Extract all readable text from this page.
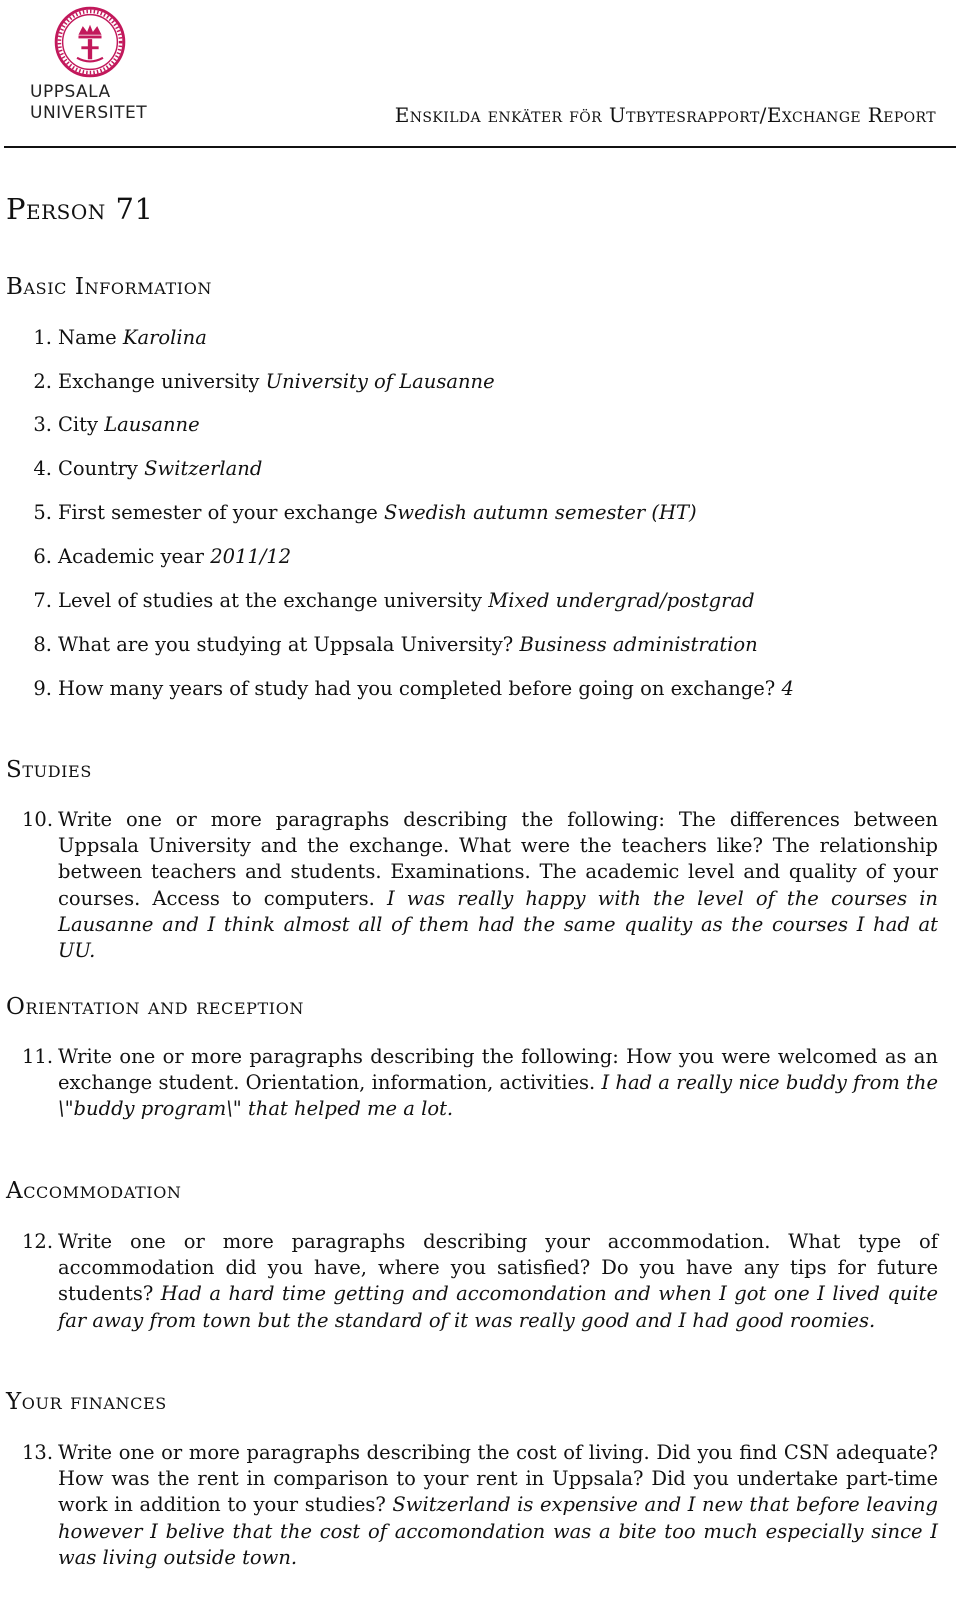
UPPSALA
UNIVERSITET	Enskilda enkäter för Utbytesrapport/Exchange Report
Person 71
Basic Information
1. Name Karolina
2. Exchange university University of Lausanne
3. City Lausanne
4. Country Switzerland
5. First semester of your exchange Swedish autumn semester (HT)
6. Academic year 2011/12
7. Level of studies at the exchange university Mixed undergrad/postgrad
8. What are you studying at Uppsala University? Business administration
9. How many years of study had you completed before going on exchange? 4
Studies
10. Write one or more paragraphs describing the following: The differences between Uppsala University and the exchange. What were the teachers like? The relationship between teachers and students. Examinations. The academic level and quality of your courses. Access to computers. I was really happy with the level of the courses in Lausanne and I think almost all of them had the same quality as the courses I had at UU.
Orientation and reception
11. Write one or more paragraphs describing the following: How you were welcomed as an exchange student. Orientation, information, activities. I had a really nice buddy from the \"buddy program\" that helped me a lot.
Accommodation
12. Write one or more paragraphs describing your accommodation. What type of accommodation did you have, where you satisfied? Do you have any tips for future students? Had a hard time getting and accomondation and when I got one I lived quite far away from town but the standard of it was really good and I had good roomies.
Your finances
13. Write one or more paragraphs describing the cost of living. Did you find CSN adequate? How was the rent in comparison to your rent in Uppsala? Did you undertake part-time work in addition to your studies? Switzerland is expensive and I new that before leaving however I belive that the cost of accomondation was a bite too much especially since I was living outside town.
